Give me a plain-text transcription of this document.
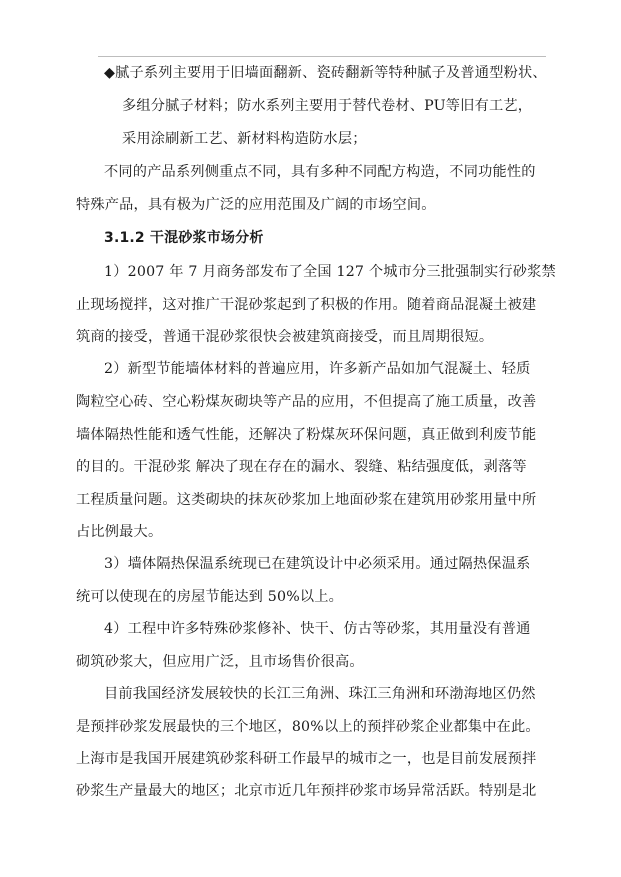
◆腻子系列主要用于旧墙面翻新、瓷砖翻新等特种腻子及普通型粉状、
多组分腻子材料；防水系列主要用于替代卷材、PU等旧有工艺，
采用涂刷新工艺、新材料构造防水层；
不同的产品系列侧重点不同，具有多种不同配方构造，不同功能性的
特殊产品，具有极为广泛的应用范围及广阔的市场空间。
3.1.2 干混砂浆市场分析
1）2007 年 7 月商务部发布了全国 127 个城市分三批强制实行砂浆禁
止现场搅拌，这对推广干混砂浆起到了积极的作用。随着商品混凝土被建
筑商的接受，普通干混砂浆很快会被建筑商接受，而且周期很短。
2）新型节能墙体材料的普遍应用，许多新产品如加气混凝土、轻质
陶粒空心砖、空心粉煤灰砌块等产品的应用，不但提高了施工质量，改善
墙体隔热性能和透气性能，还解决了粉煤灰环保问题，真正做到利废节能
的目的。干混砂浆 解决了现在存在的漏水、裂缝、粘结强度低，剥落等
工程质量问题。这类砌块的抹灰砂浆加上地面砂浆在建筑用砂浆用量中所
占比例最大。
3）墙体隔热保温系统现已在建筑设计中必须采用。通过隔热保温系
统可以使现在的房屋节能达到 50%以上。
4）工程中许多特殊砂浆修补、快干、仿古等砂浆，其用量没有普通
砌筑砂浆大，但应用广泛，且市场售价很高。
目前我国经济发展较快的长江三角洲、珠江三角洲和环渤海地区仍然
是预拌砂浆发展最快的三个地区，80%以上的预拌砂浆企业都集中在此。
上海市是我国开展建筑砂浆科研工作最早的城市之一，也是目前发展预拌
砂浆生产量最大的地区；北京市近几年预拌砂浆市场异常活跃。特别是北
